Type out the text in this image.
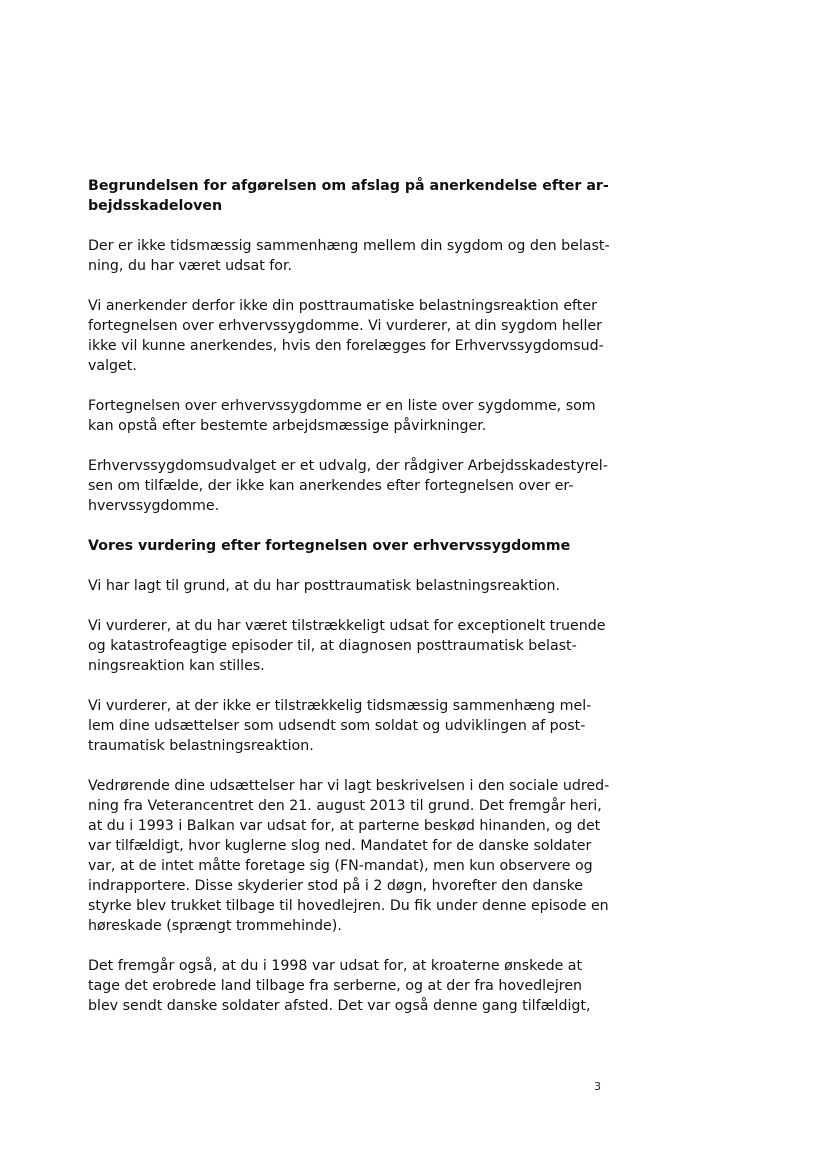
Begrundelsen for afgørelsen om afslag på anerkendelse efter ar-
bejdsskadeloven
Der er ikke tidsmæssig sammenhæng mellem din sygdom og den belast-
ning, du har været udsat for.
Vi anerkender derfor ikke din posttraumatiske belastningsreaktion efter
fortegnelsen over erhvervssygdomme. Vi vurderer, at din sygdom heller
ikke vil kunne anerkendes, hvis den forelægges for Erhvervssygdomsud-
valget.
Fortegnelsen over erhvervssygdomme er en liste over sygdomme, som
kan opstå efter bestemte arbejdsmæssige påvirkninger.
Erhvervssygdomsudvalget er et udvalg, der rådgiver Arbejdsskadestyrel-
sen om tilfælde, der ikke kan anerkendes efter fortegnelsen over er-
hvervssygdomme.
Vores vurdering efter fortegnelsen over erhvervssygdomme
Vi har lagt til grund, at du har posttraumatisk belastningsreaktion.
Vi vurderer, at du har været tilstrækkeligt udsat for exceptionelt truende
og katastrofeagtige episoder til, at diagnosen posttraumatisk belast-
ningsreaktion kan stilles.
Vi vurderer, at der ikke er tilstrækkelig tidsmæssig sammenhæng mel-
lem dine udsættelser som udsendt som soldat og udviklingen af post-
traumatisk belastningsreaktion.
Vedrørende dine udsættelser har vi lagt beskrivelsen i den sociale udred-
ning fra Veterancentret den 21. august 2013 til grund. Det fremgår heri,
at du i 1993 i Balkan var udsat for, at parterne beskød hinanden, og det
var tilfældigt, hvor kuglerne slog ned. Mandatet for de danske soldater
var, at de intet måtte foretage sig (FN-mandat), men kun observere og
indrapportere. Disse skyderier stod på i 2 døgn, hvorefter den danske
styrke blev trukket tilbage til hovedlejren. Du fik under denne episode en
høreskade (sprængt trommehinde).
Det fremgår også, at du i 1998 var udsat for, at kroaterne ønskede at
tage det erobrede land tilbage fra serberne, og at der fra hovedlejren
blev sendt danske soldater afsted. Det var også denne gang tilfældigt,
3
